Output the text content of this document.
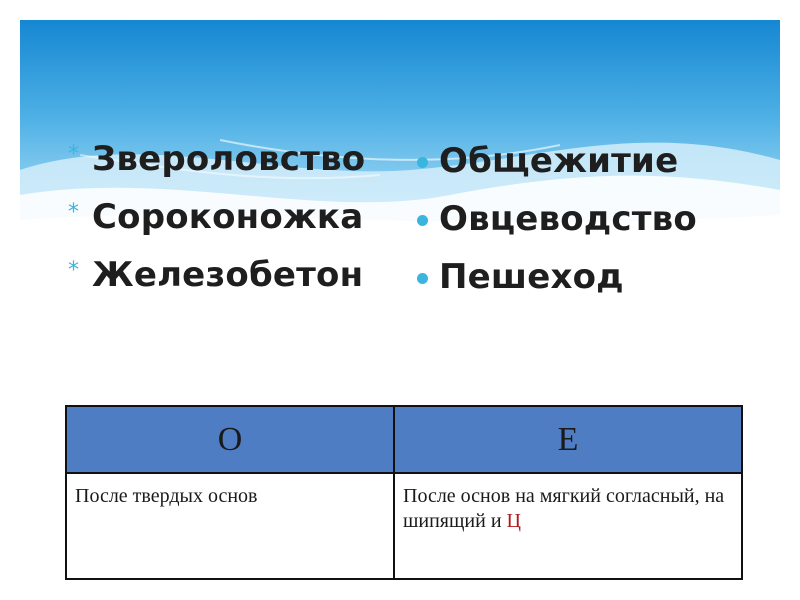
* Звероловство
* Сороконожка
* Железобетон
Общежитие
Овцеводство
Пешеход
О	Е
После твердых основ	После основ на мягкий согласный, на шипящий и Ц
